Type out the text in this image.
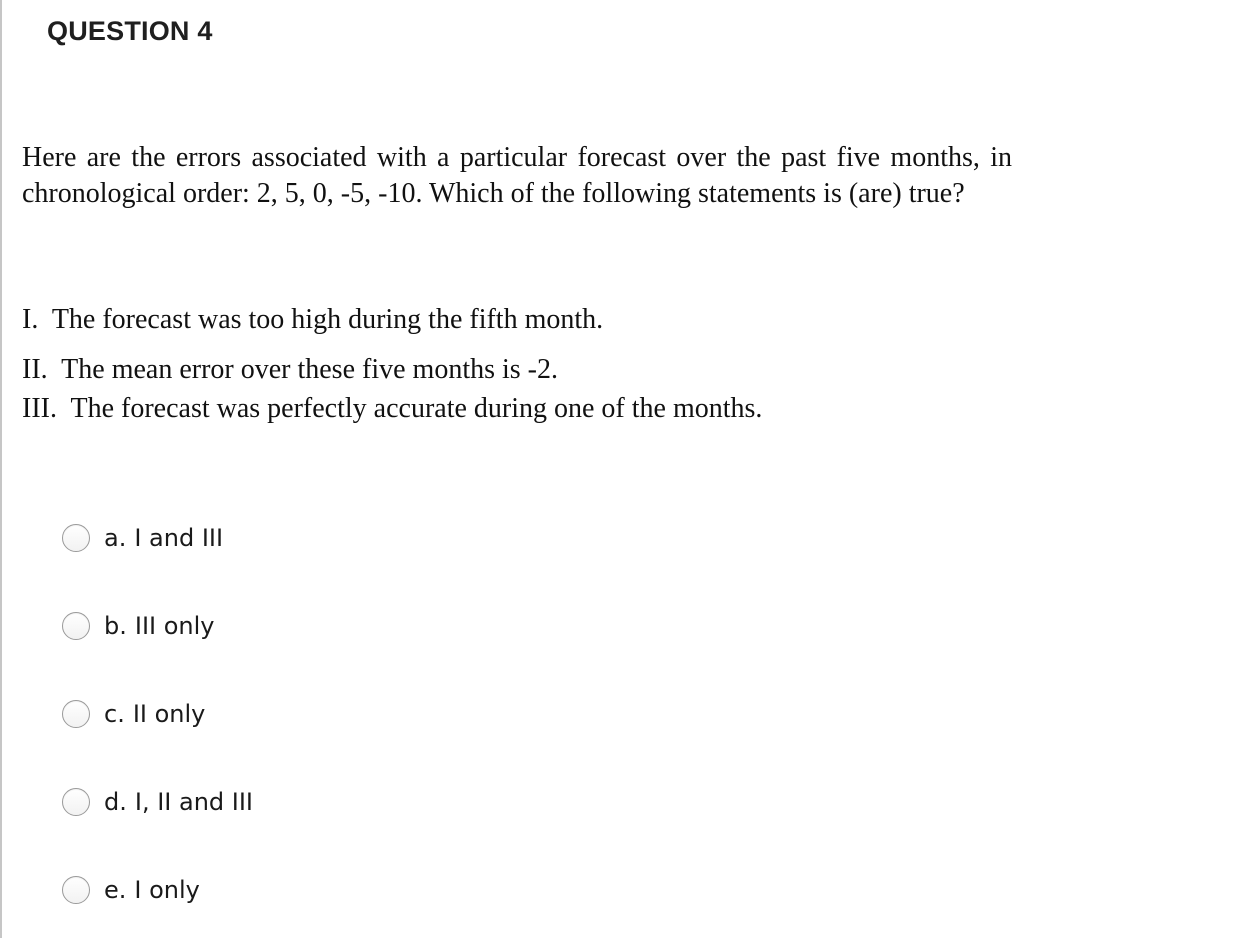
QUESTION 4

Here are the errors associated with a particular forecast over the past five months, in chronological order: 2, 5, 0, -5, -10. Which of the following statements is (are) true?

I. The forecast was too high during the fifth month.

II. The mean error over these five months is -2.

III. The forecast was perfectly accurate during one of the months.

a. I and III
b. III only
c. II only
d. I, II and III
e. I only
